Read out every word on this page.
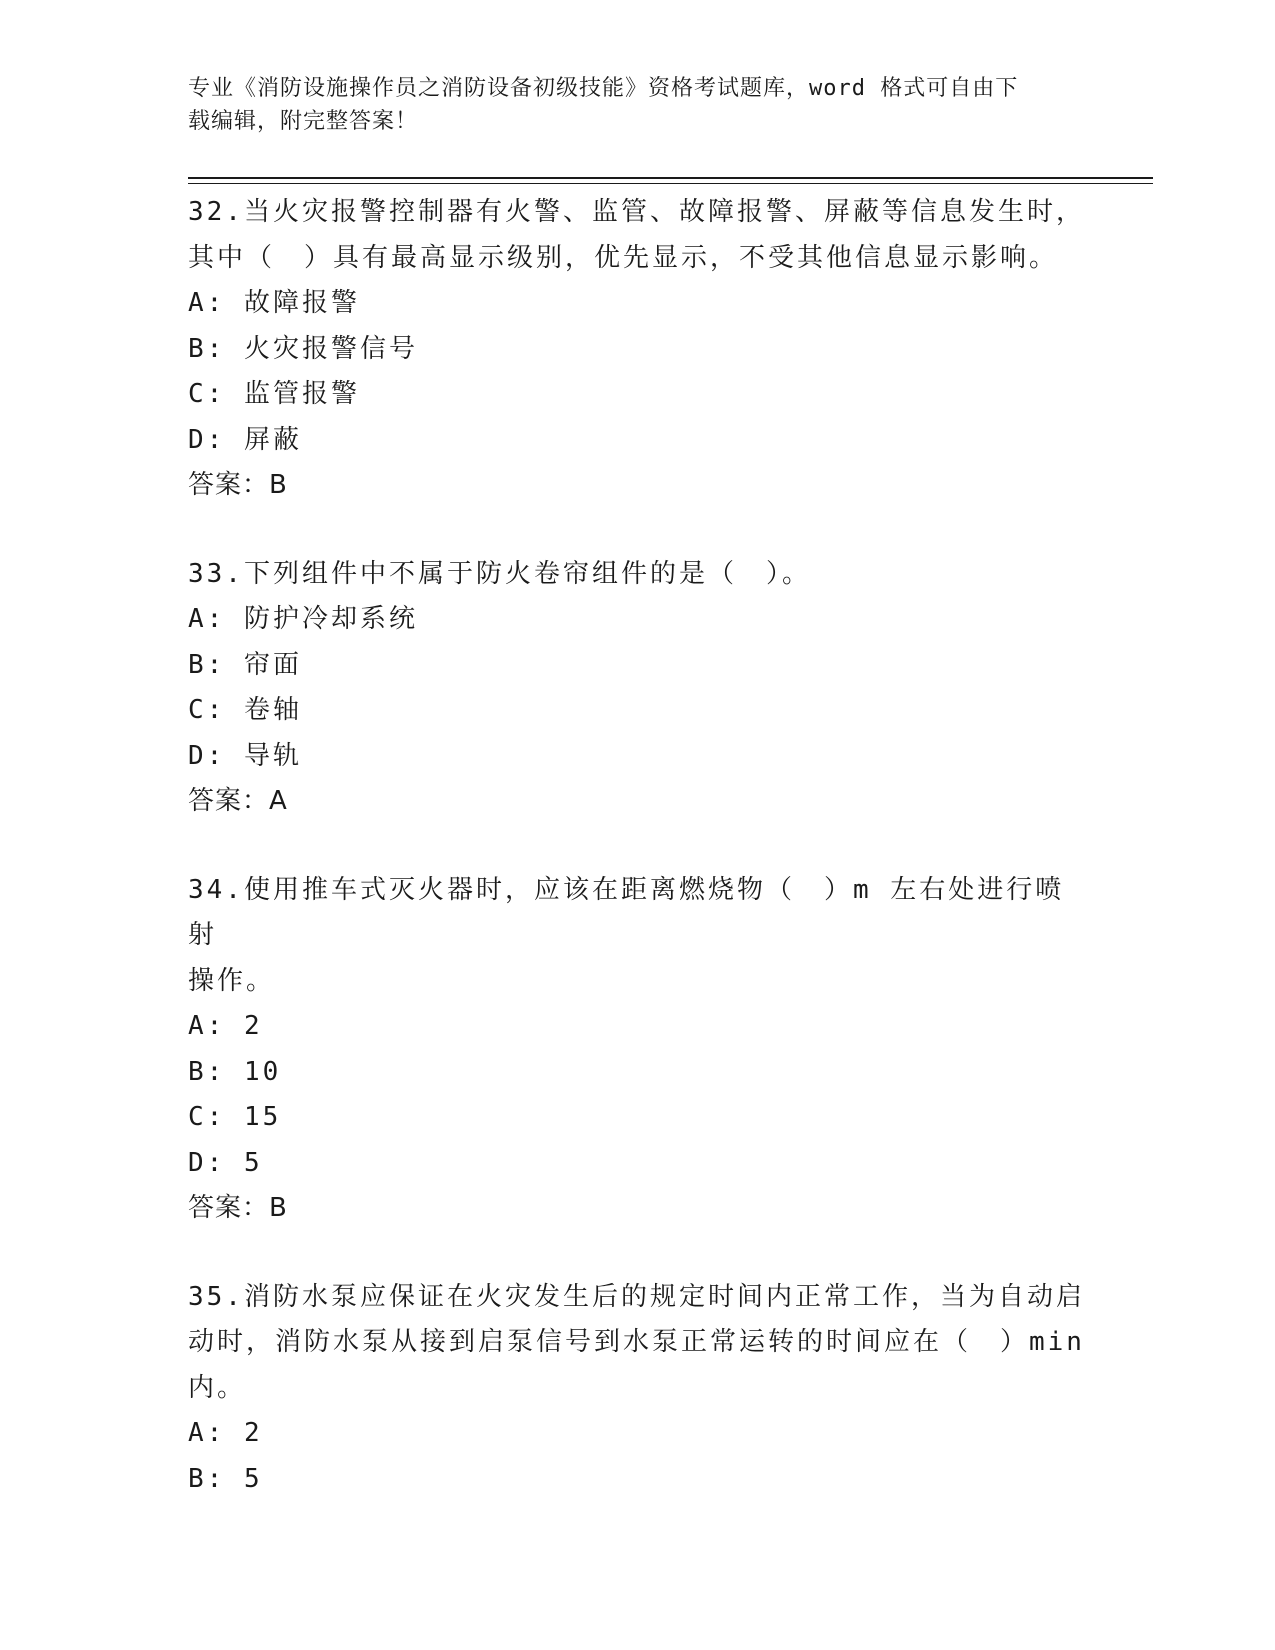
专业《消防设施操作员之消防设备初级技能》资格考试题库，word 格式可自由下

载编辑，附完整答案！

32.当火灾报警控制器有火警、监管、故障报警、屏蔽等信息发生时，

其中（　）具有最高显示级别，优先显示，不受其他信息显示影响。

A: 故障报警

B: 火灾报警信号

C: 监管报警

D: 屏蔽

答案：B

33.下列组件中不属于防火卷帘组件的是（　）。

A: 防护冷却系统

B: 帘面

C: 卷轴

D: 导轨

答案：A

34.使用推车式灭火器时，应该在距离燃烧物（　）m 左右处进行喷射

操作。

A: 2

B: 10

C: 15

D: 5

答案：B

35.消防水泵应保证在火灾发生后的规定时间内正常工作，当为自动启

动时，消防水泵从接到启泵信号到水泵正常运转的时间应在（　）min

内。

A: 2

B: 5
